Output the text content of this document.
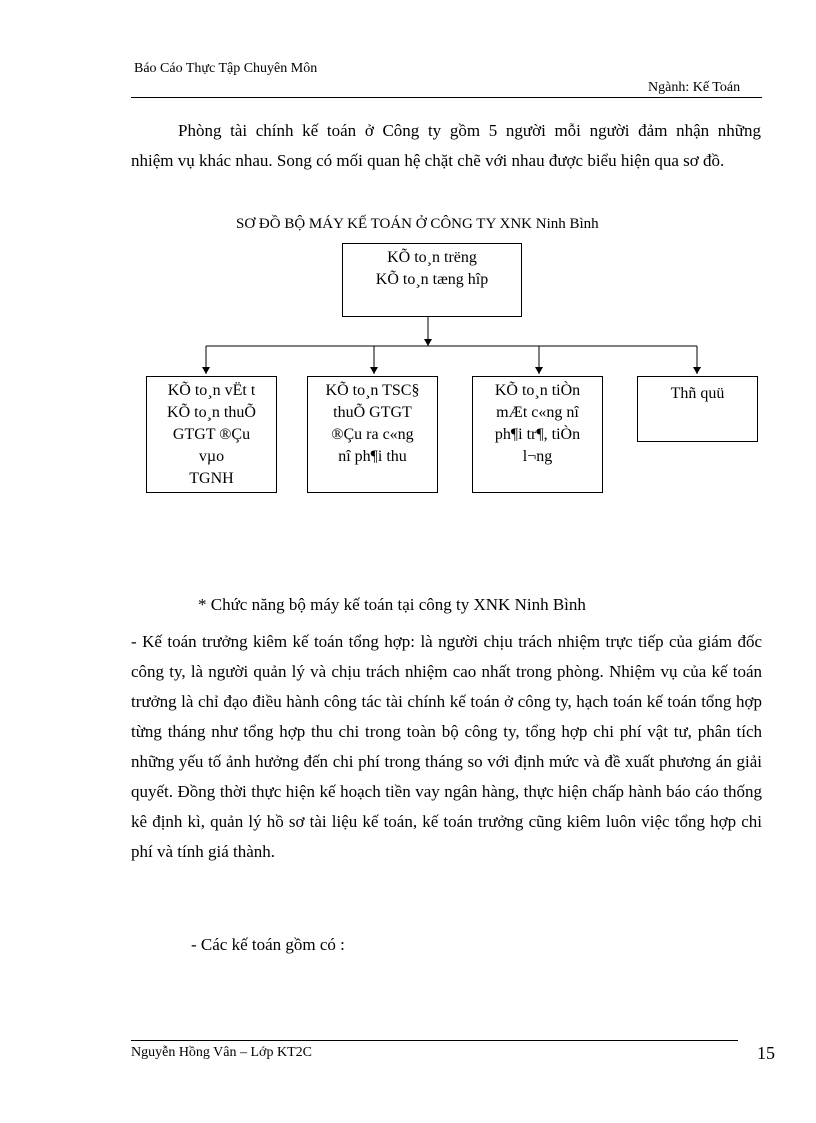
Báo Cáo Thực Tập Chuyên Môn
Ngành: Kế Toán
Phòng tài chính kế toán ở Công ty gồm 5 người mỗi người đảm nhận những
nhiệm vụ khác nhau. Song có mối quan hệ chặt chẽ với nhau được biểu hiện qua sơ đồ.
SƠ ĐỒ BỘ MÁY KẾ TOÁN Ở CÔNG TY XNK Ninh Bình
KÕ to¸n trëng
KÕ to¸n tæng hîp
KÕ to¸n vËt t
KÕ to¸n thuÕ
GTGT ®Çu
vµo
TGNH
KÕ to¸n TSC§
thuÕ GTGT
®Çu ra c«ng
nî ph¶i thu
KÕ to¸n tiÒn
mÆt c«ng nî
ph¶i tr¶, tiÒn
l¬ng
Thñ quü
* Chức năng bộ máy kế toán tại công ty XNK Ninh Bình

- Kế toán trưởng kiêm kế toán tổng hợp: là người chịu trách nhiệm trực tiếp của giám đốc công ty, là người quản lý và chịu trách nhiệm cao nhất trong phòng. Nhiệm vụ của kế toán trưởng là chỉ đạo điều hành công tác tài chính kế toán ở công ty, hạch toán kế toán tổng hợp từng tháng như tổng hợp thu chi trong toàn bộ công ty, tổng hợp chi phí vật tư, phân tích những yếu tố ảnh hưởng đến chi phí trong tháng so với định mức và đề xuất phương án giải quyết. Đồng thời thực hiện kế hoạch tiền vay ngân hàng, thực hiện chấp hành báo cáo thống kê định kì, quản lý hồ sơ tài liệu kế toán, kế toán trưởng cũng kiêm luôn việc tổng hợp chi phí và tính giá thành.

- Các kế toán gồm có :
Nguyễn Hồng Vân – Lớp KT2C	15
